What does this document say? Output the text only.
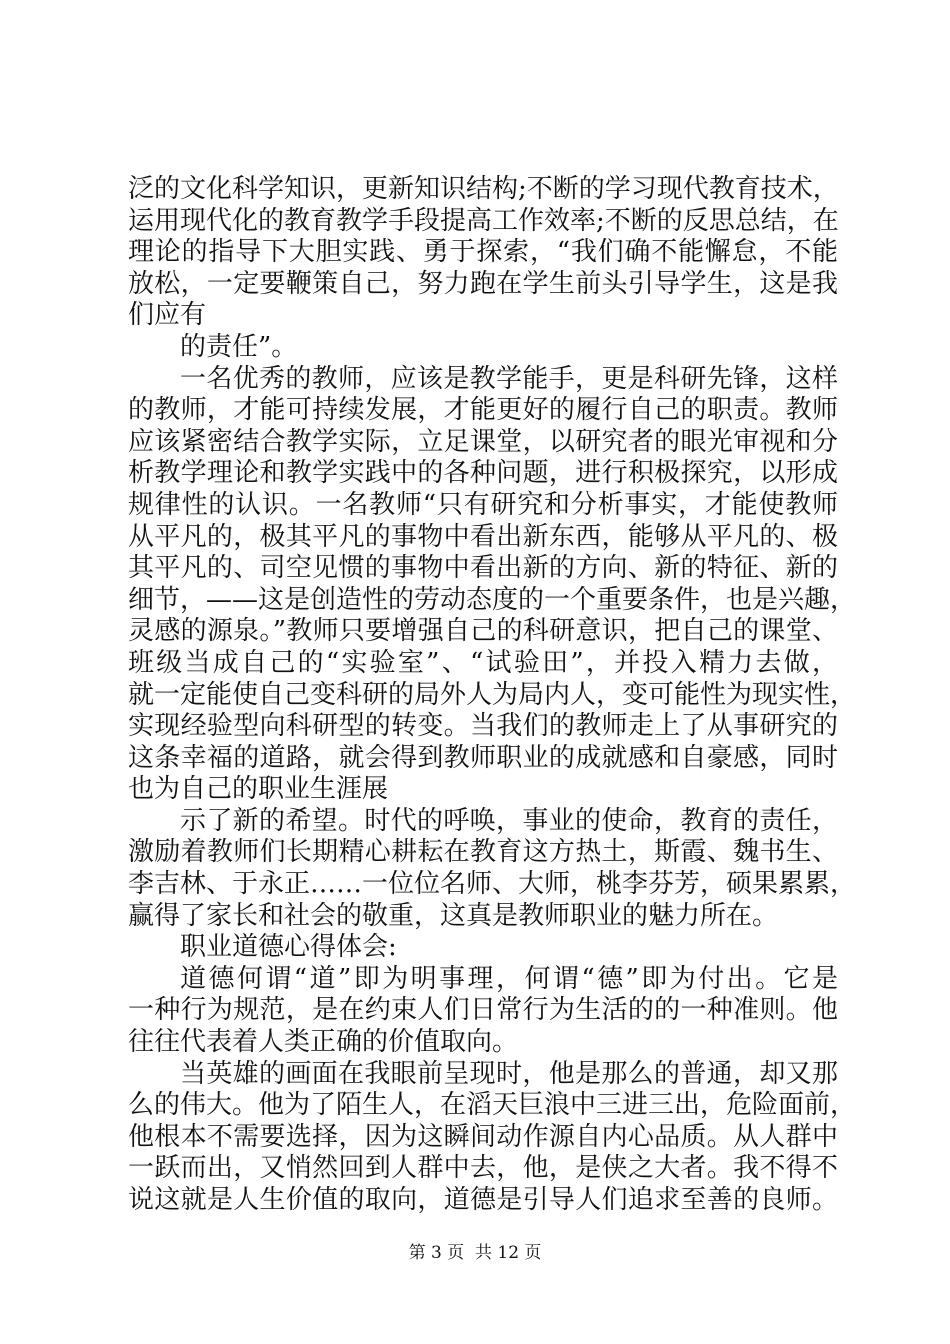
泛的文化科学知识，更新知识结构;不断的学习现代教育技术，
运用现代化的教育教学手段提高工作效率;不断的反思总结，在
理论的指导下大胆实践、勇于探索，“我们确不能懈怠，不能
放松，一定要鞭策自己，努力跑在学生前头引导学生，这是我
们应有
的责任”。
一名优秀的教师，应该是教学能手，更是科研先锋，这样
的教师，才能可持续发展，才能更好的履行自己的职责。教师
应该紧密结合教学实际，立足课堂，以研究者的眼光审视和分
析教学理论和教学实践中的各种问题，进行积极探究，以形成
规律性的认识。一名教师“只有研究和分析事实，才能使教师
从平凡的，极其平凡的事物中看出新东西，能够从平凡的、极
其平凡的、司空见惯的事物中看出新的方向、新的特征、新的
细节，——这是创造性的劳动态度的一个重要条件，也是兴趣，
灵感的源泉。”教师只要增强自己的科研意识，把自己的课堂、
班级当成自己的“实验室”、“试验田”，并投入精力去做，
就一定能使自己变科研的局外人为局内人，变可能性为现实性，
实现经验型向科研型的转变。当我们的教师走上了从事研究的
这条幸福的道路，就会得到教师职业的成就感和自豪感，同时
也为自己的职业生涯展
示了新的希望。时代的呼唤，事业的使命，教育的责任，
激励着教师们长期精心耕耘在教育这方热土，斯霞、魏书生、
李吉林、于永正……一位位名师、大师，桃李芬芳，硕果累累，
赢得了家长和社会的敬重，这真是教师职业的魅力所在。
职业道德心得体会:
道德何谓“道”即为明事理，何谓“德”即为付出。它是
一种行为规范，是在约束人们日常行为生活的的一种准则。他
往往代表着人类正确的价值取向。
当英雄的画面在我眼前呈现时，他是那么的普通，却又那
么的伟大。他为了陌生人，在滔天巨浪中三进三出，危险面前，
他根本不需要选择，因为这瞬间动作源自内心品质。从人群中
一跃而出，又悄然回到人群中去，他，是侠之大者。我不得不
说这就是人生价值的取向，道德是引导人们追求至善的良师。
第 3 页  共 12 页
